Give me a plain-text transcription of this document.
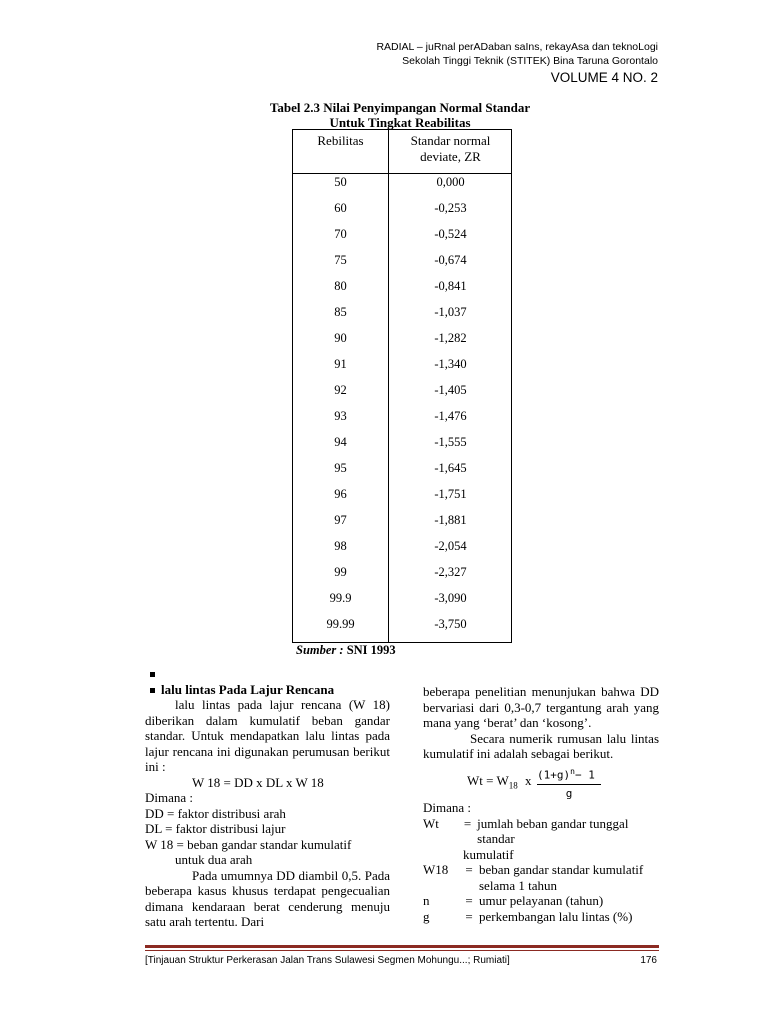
RADIAL – juRnal perADaban saIns, rekayAsa dan teknoLogi
Sekolah Tinggi Teknik (STITEK) Bina Taruna Gorontalo
VOLUME 4 NO. 2
Tabel 2.3 Nilai Penyimpangan Normal Standar
Untuk Tingkat Reabilitas
Rebilitas	Standar normal
deviate, ZR
50	0,000
60	-0,253
70	-0,524
75	-0,674
80	-0,841
85	-1,037
90	-1,282
91	-1,340
92	-1,405
93	-1,476
94	-1,555
95	-1,645
96	-1,751
97	-1,881
98	-2,054
99	-2,327
99.9	-3,090
99.99	-3,750
Sumber : SNI 1993
lalu lintas Pada Lajur Rencana

lalu lintas pada lajur rencana (W 18) diberikan dalam kumulatif beban gandar standar. Untuk mendapatkan lalu lintas pada lajur rencana ini digunakan perumusan berikut ini :

W 18 = DD x DL x W 18
Dimana :
DD = faktor distribusi arah
DL = faktor distribusi lajur
W 18 = beban gandar standar kumulatif
untuk dua arah

Pada umumnya DD diambil 0,5. Pada beberapa kasus khusus terdapat pengecualian dimana kendaraan berat cenderung menuju satu arah tertentu. Dari

beberapa penelitian menunjukan bahwa DD bervariasi dari 0,3-0,7 tergantung arah yang mana yang ‘berat’ dan ‘kosong’.

Secara numerik rumusan lalu lintas kumulatif ini adalah sebagai berikut.

$Wt = W_{18}$ x $(1+g)^n- 1$
g
Dimana :
Wt	= jumlah beban gandar tunggal standar
kumulatif
W18	= beban gandar standar kumulatif
selama 1 tahun
n	= umur pelayanan (tahun)
g	= perkembangan lalu lintas (%)
[Tinjauan Struktur Perkerasan Jalan Trans Sulawesi Segmen Mohungu...; Rumiati]	176
